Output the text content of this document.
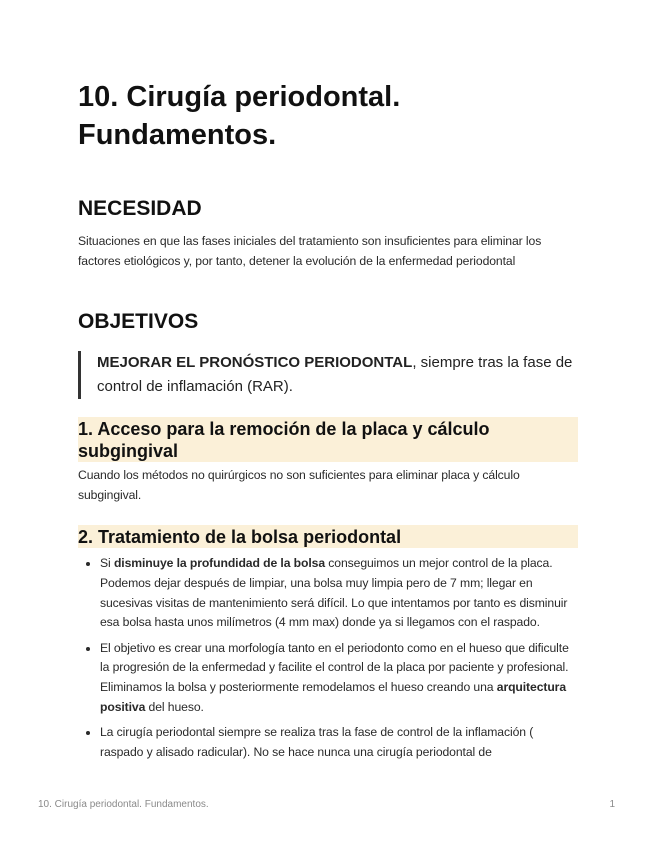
10. Cirugía periodontal. Fundamentos.
NECESIDAD

Situaciones en que las fases iniciales del tratamiento son insuficientes para eliminar los factores etiológicos y, por tanto, detener la evolución de la enfermedad periodontal

OBJETIVOS
MEJORAR EL PRONÓSTICO PERIODONTAL, siempre tras la fase de control de inflamación (RAR).
1. Acceso para la remoción de la placa y cálculo subgingival

Cuando los métodos no quirúrgicos no son suficientes para eliminar placa y cálculo subgingival.

2. Tratamiento de la bolsa periodontal
• Si disminuye la profundidad de la bolsa conseguimos un mejor control de la placa. Podemos dejar después de limpiar, una bolsa muy limpia pero de 7 mm; llegar en sucesivas visitas de mantenimiento será difícil. Lo que intentamos por tanto es disminuir esa bolsa hasta unos milímetros (4 mm max) donde ya si llegamos con el raspado.
• El objetivo es crear una morfología tanto en el periodonto como en el hueso que dificulte la progresión de la enfermedad y facilite el control de la placa por paciente y profesional. Eliminamos la bolsa y posteriormente remodelamos el hueso creando una arquitectura positiva del hueso.
• La cirugía periodontal siempre se realiza tras la fase de control de la inflamación ( raspado y alisado radicular). No se hace nunca una cirugía periodontal de
10. Cirugía periodontal. Fundamentos.	1
